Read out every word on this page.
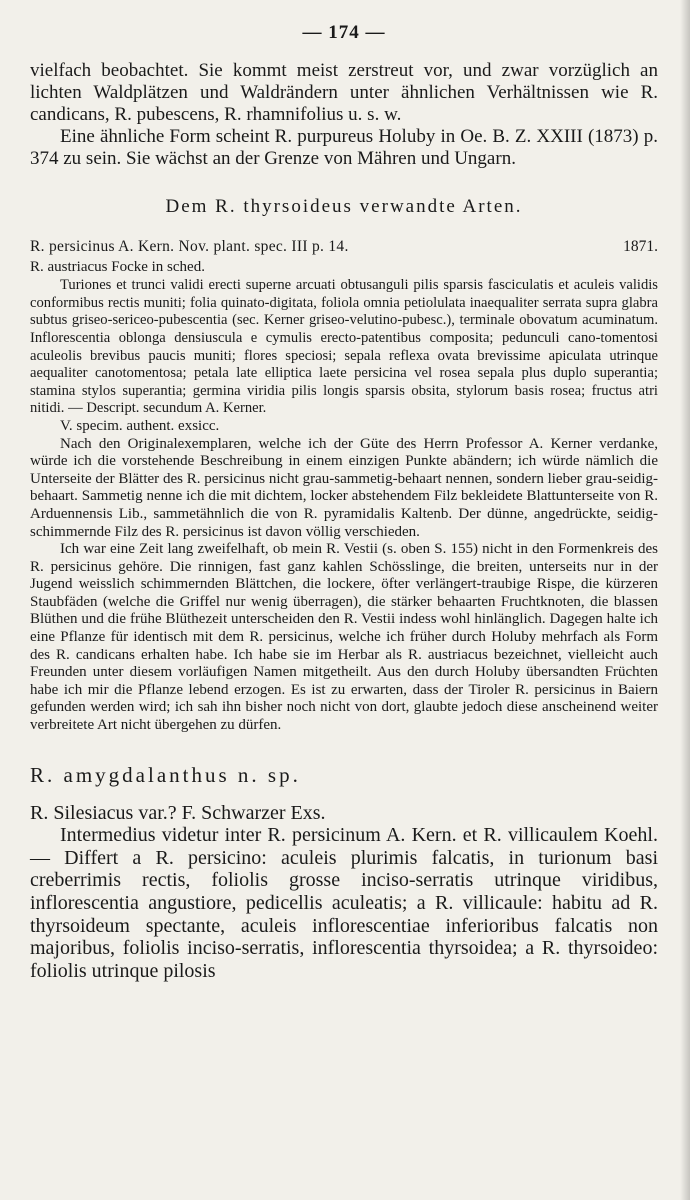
— 174 —

vielfach beobachtet. Sie kommt meist zerstreut vor, und zwar vorzüglich an lichten Waldplätzen und Waldrändern unter ähnlichen Verhältnissen wie R. candicans, R. pubescens, R. rhamnifolius u. s. w.

Eine ähnliche Form scheint R. purpureus Holuby in Oe. B. Z. XXIII (1873) p. 374 zu sein. Sie wächst an der Grenze von Mähren und Ungarn.

Dem R. thyrsoideus verwandte Arten.

R. persicinus A. Kern. Nov. plant. spec. III p. 14.	1871.

R. austriacus Focke in sched.

Turiones et trunci validi erecti superne arcuati obtusanguli pilis sparsis fasciculatis et aculeis validis conformibus rectis muniti; folia quinato-digitata, foliola omnia petiolulata inaequaliter serrata supra glabra subtus griseo-sericeo-pubescentia (sec. Kerner griseo-velutino-pubesc.), terminale obovatum acuminatum. Inflorescentia oblonga densiuscula e cymulis erecto-patentibus composita; pedunculi cano-tomentosi aculeolis brevibus paucis muniti; flores speciosi; sepala reflexa ovata brevissime apiculata utrinque aequaliter canotomentosa; petala late elliptica laete persicina vel rosea sepala plus duplo superantia; stamina stylos superantia; germina viridia pilis longis sparsis obsita, stylorum basis rosea; fructus atri nitidi. — Descript. secundum A. Kerner.

V. specim. authent. exsicc.

Nach den Originalexemplaren, welche ich der Güte des Herrn Professor A. Kerner verdanke, würde ich die vorstehende Beschreibung in einem einzigen Punkte abändern; ich würde nämlich die Unterseite der Blätter des R. persicinus nicht grau-sammetig-behaart nennen, sondern lieber grau-seidig-behaart. Sammetig nenne ich die mit dichtem, locker abstehendem Filz bekleidete Blattunterseite von R. Arduennensis Lib., sammetähnlich die von R. pyramidalis Kaltenb. Der dünne, angedrückte, seidig-schimmernde Filz des R. persicinus ist davon völlig verschieden.

Ich war eine Zeit lang zweifelhaft, ob mein R. Vestii (s. oben S. 155) nicht in den Formenkreis des R. persicinus gehöre. Die rinnigen, fast ganz kahlen Schösslinge, die breiten, unterseits nur in der Jugend weisslich schimmernden Blättchen, die lockere, öfter verlängert-traubige Rispe, die kürzeren Staubfäden (welche die Griffel nur wenig überragen), die stärker behaarten Fruchtknoten, die blassen Blüthen und die frühe Blüthezeit unterscheiden den R. Vestii indess wohl hinlänglich. Dagegen halte ich eine Pflanze für identisch mit dem R. persicinus, welche ich früher durch Holuby mehrfach als Form des R. candicans erhalten habe. Ich habe sie im Herbar als R. austriacus bezeichnet, vielleicht auch Freunden unter diesem vorläufigen Namen mitgetheilt. Aus den durch Holuby übersandten Früchten habe ich mir die Pflanze lebend erzogen. Es ist zu erwarten, dass der Tiroler R. persicinus in Baiern gefunden werden wird; ich sah ihn bisher noch nicht von dort, glaubte jedoch diese anscheinend weiter verbreitete Art nicht übergehen zu dürfen.

R. amygdalanthus n. sp.

R. Silesiacus var.? F. Schwarzer Exs.

Intermedius videtur inter R. persicinum A. Kern. et R. villicaulem Koehl. — Differt a R. persicino: aculeis plurimis falcatis, in turionum basi creberrimis rectis, foliolis grosse inciso-serratis utrinque viridibus, inflorescentia angustiore, pedicellis aculeatis; a R. villicaule: habitu ad R. thyrsoideum spectante, aculeis inflorescentiae inferioribus falcatis non majoribus, foliolis inciso-serratis, inflorescentia thyrsoidea; a R. thyrsoideo: foliolis utrinque pilosis
